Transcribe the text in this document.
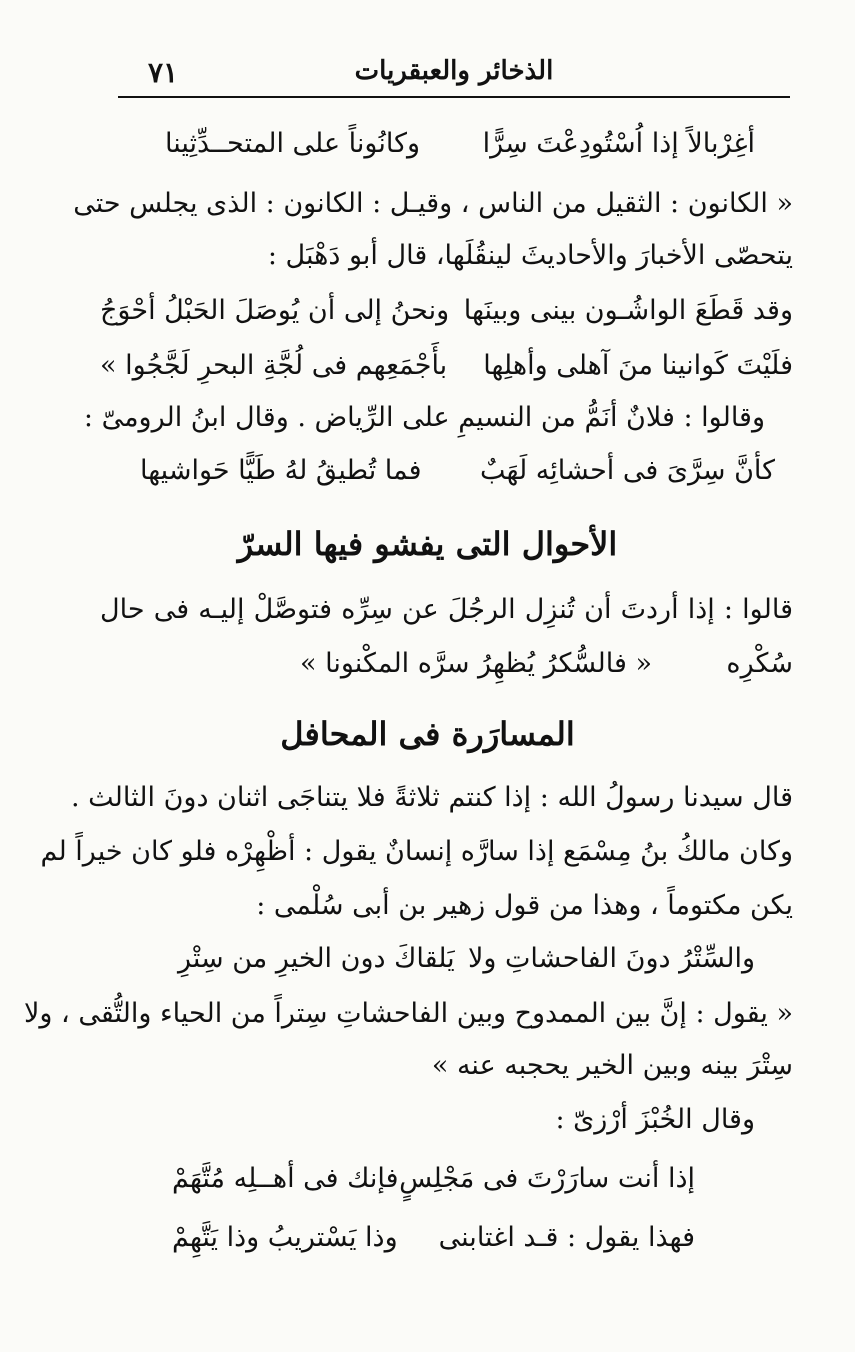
٧١	الذخائر والعبقريات
أغِرْبالاً إذا اُسْتُودِعْتَ سِرًّا
وكانُوناً على المتحــدِّثِينا
« الكانون : الثقيل من الناس ، وقيـل : الكانون : الذى يجلس حتى
يتحصّى الأخبارَ والأحاديثَ لينقُلَها، قال أبو دَهْبَل :
وقد قَطَعَ الواشُـون بينى وبينَها
ونحنُ إلى أن يُوصَلَ الحَبْلُ أحْوَجُ
فلَيْتَ كَوانينا منَ آهلى وأهلِها
بأَجْمَعِهم فى لُجَّةِ البحرِ لَجَّجُوا »
وقالوا : فلانٌ أنَمُّ من النسيمِ على الرِّياض . وقال ابنُ الرومىّ :
كأنَّ سِرَّىَ فى أحشائِه لَهَبٌ
فما تُطيقُ لهُ طَيًّا حَواشيها
الأحوال التى يفشو فيها السرّ
قالوا : إذا أردتَ أن تُنزِل الرجُلَ عن سِرِّه فتوصَّلْ إليـه فى حال
سُكْرِه
« فالسُّكرُ يُظهِرُ سرَّه المكْنونا »
المسارَرة فى المحافل
قال سيدنا رسولُ الله : إذا كنتم ثلاثةً فلا يتناجَى اثنان دونَ الثالث .
وكان مالكُ بنُ مِسْمَع إذا سارَّه إنسانٌ يقول : أظْهِرْه فلو كان خيراً لم
يكن مكتوماً ، وهذا من قول زهير بن أبى سُلْمى :
والسِّتْرُ دونَ الفاحشاتِ ولا
يَلقاكَ دون الخيرِ من سِتْرِ
« يقول : إنَّ بين الممدوح وبين الفاحشاتِ سِتراً من الحياء والتُّقى ، ولا
سِتْرَ بينه وبين الخير يحجبه عنه »
وقال الخُبْزَ أرْزىّ :
إذا أنت سارَرْتَ فى مَجْلِسٍ
فإنك فى أهــلِه مُتَّهَمْ
فهذا يقول : قـد اغتابنى
وذا يَسْتريبُ وذا يَتَّهِمْ
